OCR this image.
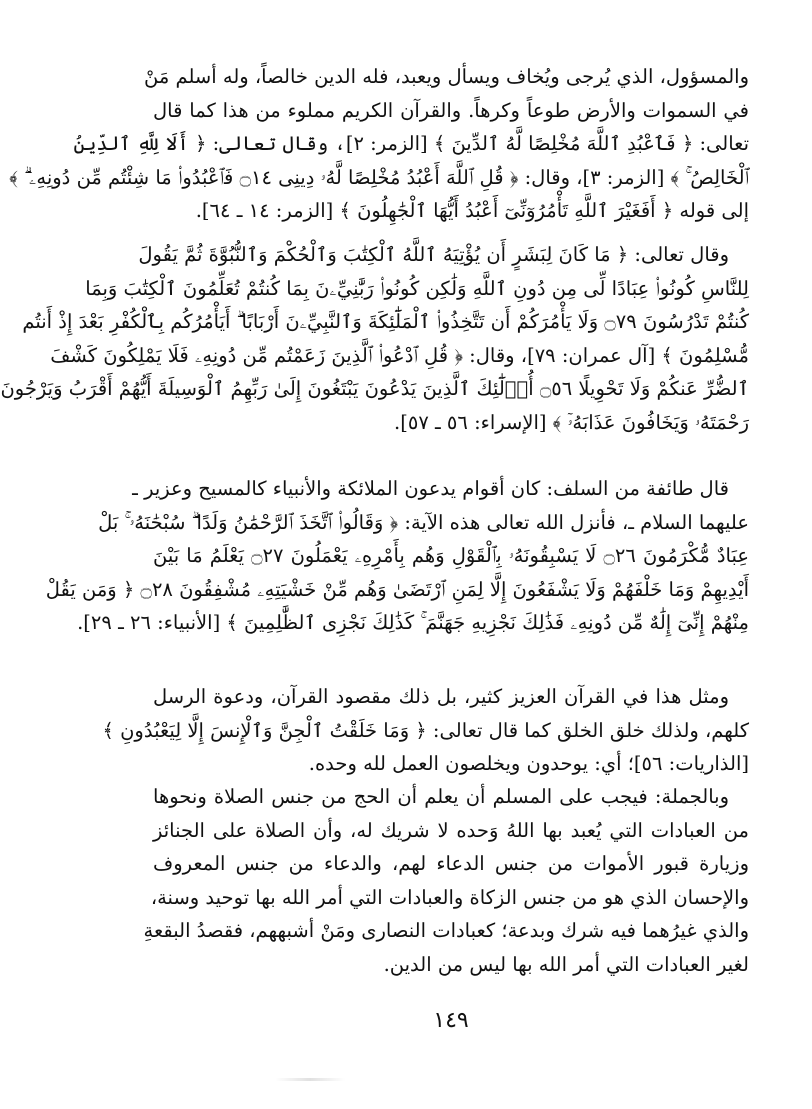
والمسؤول، الذي يُرجى ويُخاف ويسأل ويعبد، فله الدين خالصاً، وله أسلم مَنْ
في السموات والأرض طوعاً وكرهاً. والقرآن الكريم مملوء من هذا كما قال
تعالى: ﴿ فَٱعْبُدِ ٱللَّهَ مُخْلِصًا لَّهُ ٱلدِّينَ ﴾ [الزمر: ٢]، وقال تعالى: ﴿ أَلَا لِلَّهِ ٱلدِّينُ
ٱلْخَالِصُ ۚ ﴾ [الزمر: ٣]، وقال: ﴿ قُلِ ٱللَّهَ أَعْبُدُ مُخْلِصًا لَّهُۥ دِينِى ۝١٤ فَٱعْبُدُوا۟ مَا شِئْتُم مِّن دُونِهِۦ ۗ ﴾
إلى قوله ﴿ أَفَغَيْرَ ٱللَّهِ تَأْمُرُوٓنِّىٓ أَعْبُدُ أَيُّهَا ٱلْجَٰهِلُونَ ﴾ [الزمر: ١٤ ـ ٦٤].
وقال تعالى: ﴿ مَا كَانَ لِبَشَرٍ أَن يُؤْتِيَهُ ٱللَّهُ ٱلْكِتَٰبَ وَٱلْحُكْمَ وَٱلنُّبُوَّةَ ثُمَّ يَقُولَ
لِلنَّاسِ كُونُوا۟ عِبَادًا لِّى مِن دُونِ ٱللَّهِ وَلَٰكِن كُونُوا۟ رَبَّٰنِيِّۦنَ بِمَا كُنتُمْ تُعَلِّمُونَ ٱلْكِتَٰبَ وَبِمَا
كُنتُمْ تَدْرُسُونَ ۝٧٩ وَلَا يَأْمُرَكُمْ أَن تَتَّخِذُوا۟ ٱلْمَلَٰٓئِكَةَ وَٱلنَّبِيِّۦنَ أَرْبَابًا ۗ أَيَأْمُرُكُم بِٱلْكُفْرِ بَعْدَ إِذْ أَنتُم
مُّسْلِمُونَ ﴾ [آل عمران: ٧٩]، وقال: ﴿ قُلِ ٱدْعُوا۟ ٱلَّذِينَ زَعَمْتُم مِّن دُونِهِۦ فَلَا يَمْلِكُونَ كَشْفَ
ٱلضُّرِّ عَنكُمْ وَلَا تَحْوِيلًا ۝٥٦ أُو۟لَٰٓئِكَ ٱلَّذِينَ يَدْعُونَ يَبْتَغُونَ إِلَىٰ رَبِّهِمُ ٱلْوَسِيلَةَ أَيُّهُمْ أَقْرَبُ وَيَرْجُونَ
رَحْمَتَهُۥ وَيَخَافُونَ عَذَابَهُۥٓ ﴾ [الإسراء: ٥٦ ـ ٥٧].
قال طائفة من السلف: كان أقوام يدعون الملائكة والأنبياء كالمسيح وعزير ـ
عليهما السلام ـ، فأنزل الله تعالى هذه الآية: ﴿ وَقَالُوا۟ ٱتَّخَذَ ٱلرَّحْمَٰنُ وَلَدًا ۗ سُبْحَٰنَهُۥ ۚ بَلْ
عِبَادٌ مُّكْرَمُونَ ۝٢٦ لَا يَسْبِقُونَهُۥ بِٱلْقَوْلِ وَهُم بِأَمْرِهِۦ يَعْمَلُونَ ۝٢٧ يَعْلَمُ مَا بَيْنَ
أَيْدِيهِمْ وَمَا خَلْفَهُمْ وَلَا يَشْفَعُونَ إِلَّا لِمَنِ ٱرْتَضَىٰ وَهُم مِّنْ خَشْيَتِهِۦ مُشْفِقُونَ ۝٢٨ ﴿ وَمَن يَقُلْ
مِنْهُمْ إِنِّىٓ إِلَٰهٌ مِّن دُونِهِۦ فَذَٰلِكَ نَجْزِيهِ جَهَنَّمَ ۚ كَذَٰلِكَ نَجْزِى ٱلظَّٰلِمِينَ ﴾ [الأنبياء: ٢٦ ـ ٢٩].
ومثل هذا في القرآن العزيز كثير، بل ذلك مقصود القرآن، ودعوة الرسل
كلهم، ولذلك خلق الخلق كما قال تعالى: ﴿ وَمَا خَلَقْتُ ٱلْجِنَّ وَٱلْإِنسَ إِلَّا لِيَعْبُدُونِ ﴾
[الذاريات: ٥٦]؛ أي: يوحدون ويخلصون العمل لله وحده.
وبالجملة: فيجب على المسلم أن يعلم أن الحج من جنس الصلاة ونحوها
من العبادات التي يُعبد بها اللهُ وَحده لا شريك له، وأن الصلاة على الجنائز
وزيارة قبور الأموات من جنس الدعاء لهم، والدعاء من جنس المعروف
والإحسان الذي هو من جنس الزكاة والعبادات التي أمر الله بها توحيد وسنة،
والذي غيرُهما فيه شرك وبدعة؛ كعبادات النصارى ومَنْ أشبههم، فقصدُ البقعةِ
لغير العبادات التي أمر الله بها ليس من الدين.
١٤٩
